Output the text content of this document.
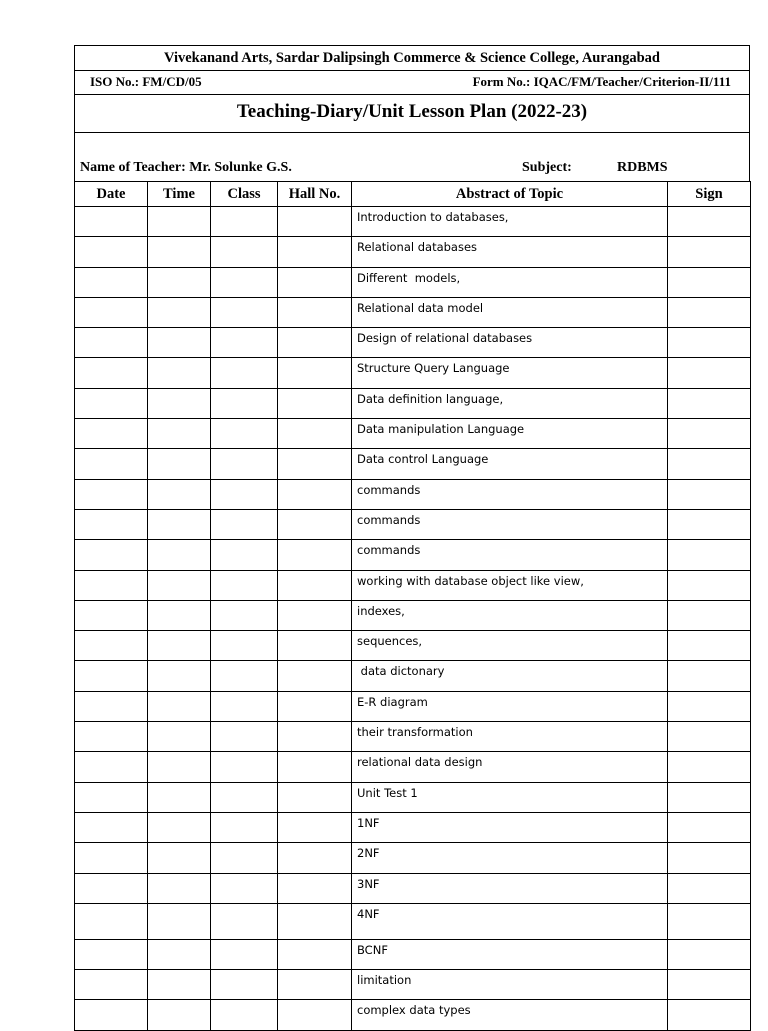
Vivekanand Arts, Sardar Dalipsingh Commerce & Science College, Aurangabad
ISO No.: FM/CD/05	Form No.: IQAC/FM/Teacher/Criterion-II/111
Teaching-Diary/Unit Lesson Plan (2022-23)
Name of Teacher: Mr. Solunke G.S.	Subject:	RDBMS
Date	Time	Class	Hall No.	Abstract of Topic	Sign
				Introduction to databases,	
				Relational databases	
				Different  models,	
				Relational data model	
				Design of relational databases	
				Structure Query Language	
				Data definition language,	
				Data manipulation Language	
				Data control Language	
				commands	
				commands	
				commands	
				working with database object like view,	
				indexes,	
				sequences,	
				data dictonary	
				E-R diagram	
				their transformation	
				relational data design	
				Unit Test 1	
				1NF	
				2NF	
				3NF	
				4NF	
				BCNF	
				limitation	
				complex data types	
